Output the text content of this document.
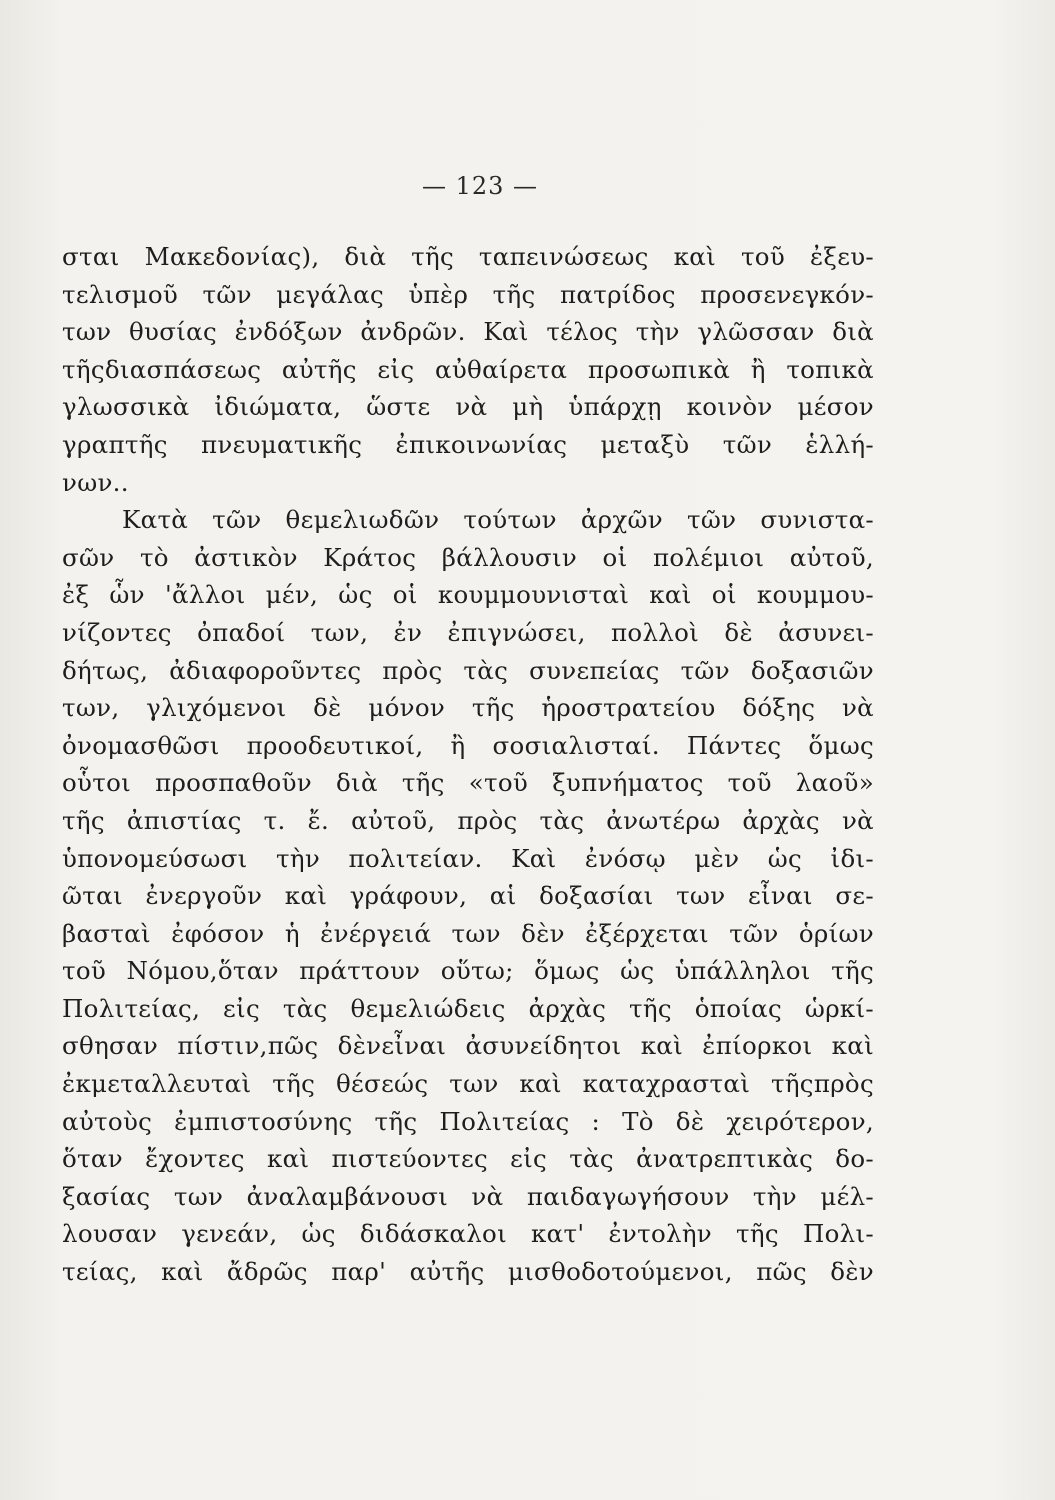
— 123 —
σται Μακεδονίας), διὰ τῆς ταπεινώσεως καὶ τοῦ ἐξευ-
τελισμοῦ τῶν μεγάλας ὑπὲρ τῆς πατρίδος προσενεγκόν-
των θυσίας ἐνδόξων ἀνδρῶν. Καὶ τέλος τὴν γλῶσσαν διὰ
τῆςδιασπάσεως αὐτῆς εἰς αὐθαίρετα προσωπικὰ ἢ τοπικὰ
γλωσσικὰ ἰδιώματα, ὥστε νὰ μὴ ὑπάρχῃ κοινὸν μέσον
γραπτῆς πνευματικῆς ἐπικοινωνίας μεταξὺ τῶν ἑλλή-
νων..
Κατὰ τῶν θεμελιωδῶν τούτων ἀρχῶν τῶν συνιστα-
σῶν τὸ ἀστικὸν Κράτος βάλλουσιν οἱ πολέμιοι αὐτοῦ,
ἐξ ὧν 'ἄλλοι μέν, ὡς οἱ κουμμουνισταὶ καὶ οἱ κουμμου-
νίζοντες ὀπαδοί των, ἐν ἐπιγνώσει, πολλοὶ δὲ ἀσυνει-
δήτως, ἀδιαφοροῦντες πρὸς τὰς συνεπείας τῶν δοξασιῶν
των, γλιχόμενοι δὲ μόνον τῆς ἡροστρατείου δόξης νὰ
ὀνομασθῶσι προοδευτικοί, ἢ σοσιαλισταί. Πάντες ὅμως
οὗτοι προσπαθοῦν διὰ τῆς «τοῦ ξυπνήματος τοῦ λαοῦ»
τῆς ἀπιστίας τ. ἔ. αὐτοῦ, πρὸς τὰς ἀνωτέρω ἀρχὰς νὰ
ὑπονομεύσωσι τὴν πολιτείαν. Καὶ ἐνόσῳ μὲν ὡς ἰδι-
ῶται ἐνεργοῦν καὶ γράφουν, αἱ δοξασίαι των εἶναι σε-
βασταὶ ἐφόσον ἡ ἐνέργειά των δὲν ἐξέρχεται τῶν ὁρίων
τοῦ Νόμου,ὅταν πράττουν οὕτω; ὅμως ὡς ὑπάλληλοι τῆς
Πολιτείας, εἰς τὰς θεμελιώδεις ἀρχὰς τῆς ὁποίας ὡρκί-
σθησαν πίστιν,πῶς δὲνεἶναι ἀσυνείδητοι καὶ ἐπίορκοι καὶ
ἐκμεταλλευταὶ τῆς θέσεώς των καὶ καταχρασταὶ τῆςπρὸς
αὐτοὺς ἐμπιστοσύνης τῆς Πολιτείας : Τὸ δὲ χειρότερον,
ὅταν ἔχοντες καὶ πιστεύοντες εἰς τὰς ἀνατρεπτικὰς δο-
ξασίας των ἀναλαμβάνουσι νὰ παιδαγωγήσουν τὴν μέλ-
λουσαν γενεάν, ὡς διδάσκαλοι κατ' ἐντολὴν τῆς Πολι-
τείας, καὶ ἄδρῶς παρ' αὐτῆς μισθοδοτούμενοι, πῶς δὲν
